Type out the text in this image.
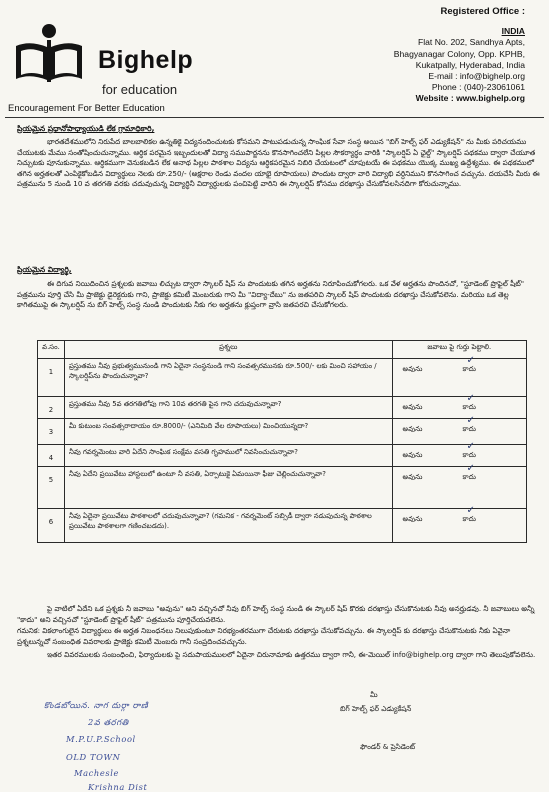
Bighelp
for education
Encouragement For Better Education
Registered Office :
INDIA
Flat No. 202, Sandhya Apts,
Bhagyanagar Colony, Opp. KPHB,
Kukatpally, Hyderabad, India
E-mail : info@bighelp.org
Phone : (040)-23061061
Website : www.bighelp.org
ప్రియమైన ప్రధానోపాధ్యాయుడి లేక గ్రామాధికారి,
భారతదేశములోని నిరుపేద బాలబాలికల ఉన్నతికై విద్యనందించుటకు కోసమని పాటుపడుచున్న సాంఘిక సేవా సంస్థ అయిన "బిగ్ హెల్ప్ ఫర్ ఎడ్యుకేషన్" ను మీకు పరిచయము చేయుటకు మేము సంతోషించుచున్నాము. ఆర్థిక పరమైన ఇబ్బందులతో విద్యా సముపార్జనను కొనసాగించలేని పిల్లల సౌకర్యార్థం వారికి "స్కాలర్షిప్ ఏ ఛైల్డ్" స్కాలర్షిప్ పథకము ద్వారా చేయూత నిచ్చుటకు పూనుకున్నాము. ఆర్థికముగా వెనుకబడిన లేక అనాథ పిల్లల పాఠశాల విద్యను ఆర్థికపరమైన నిబిరి చేయటంలో చూపుటయే ఈ పథకము యొక్క ముఖ్య ఉద్దేశ్యము. ఈ పథకములో తగిన అర్హతలతో ఎంపికైకోబడిన విద్యార్థులు నెలకు రూ.250/- (అక్షరాల రెండు వందల యాభై రూపాయలు) పొందుట ద్వారా వారి విద్యాభి వర్ధినిముని కొనసాగించ వచ్చును. దయచేసి మీరు ఈ పత్రమును 5 నుండి 10 వ తరగతి వరకు చదువుచున్న విద్యార్థినీ విద్యార్థులకు పంచిపెట్టి వారిని ఈ స్కాలర్షిప్ కోసము దరఖాస్తు చేసుకోవలసినదిగా కోరుచున్నాము.
ప్రియమైన విద్యార్థి,
ఈ దిగువ నియిదించిన ప్రశ్నలకు జవాబు లిచ్చుట ద్వారా స్కాలర్ షిప్ ను పొందుటకు తగిన అర్హతను నిరూపించుకోగలరు. ఒక వేళ అర్హతను పొందినచో, "స్టూడెంట్ ప్రొఫైల్ షీట్" పత్రమును పూర్తి చేసి మీ ప్రాజెక్టు డైరెక్టరుకు గాని, ప్రాజెక్టు కమిటీ మెంబరుకు గాని మీ "విద్యా-దేబు" ను జతపరిచి స్కాలర్ షిప్ పొందుటకు దరఖాస్తు చేసుకోవలెను. మరియు ఒక తెల్ల కాగితముపై ఈ స్కాలర్షిప్ ను బిగ్ హెల్ప్ సంస్థ నుండి పొందుటకు నీకు గల అర్హతను క్లుప్తంగా వ్రాసి జతపరచి చేసుకోగలరు.
వ.సం.	ప్రశ్నలు	జవాబు పై గుర్తు పెట్టాలి.
1	ప్రస్తుతము నీవు ప్రభుత్వమునుండి గాని ఏదైనా సంస్థనుండి గాని సంవత్సరమునకు రూ.500/- లకు మించి సహాయం / స్కాలర్షిప్‌ను పొందుచున్నావా?	అవును కాదు
✓

2	ప్రస్తుతము నీవు 5వ తరగతిలోపు గాని 10వ తరగతి పైన గాని చదువుచున్నావా?	అవును కాదు
✓

3	మీ కుటుంబ సంవత్సరాదాయం రూ.8000/- (ఎనిమిది వేల రూపాయలు) మించియున్నదా?	అవును కాదు
✓

4	నీవు గవర్నమెంటు వారి ఏదేని సాంఘిక సంక్షేమ వసతి గృహములో నివసించుచున్నావా?	అవును కాదు
✓

5	నీవు ఏదేని ప్రయివేటు హాస్టలులో ఉంటూ నీ వసతి, ఏర్పాటుకై ఏమయినా ఫీజు చెల్లించుచున్నావా?	అవును కాదు
✓

6	నీవు ఏదైనా ప్రయివేటు పాఠశాలలో చదువుచున్నావా? (గమనిక - గవర్నమెంట్ సబ్సిడీ ద్వారా నడుపుచున్న పాఠశాల ప్రయివేటు పాఠశాలగా గణించబడదు).	అవును కాదు
✓
పై వాటిలో ఏదేని ఒక ప్రశ్నకు నీ జవాబు "అవును" అని వచ్చినచో నీవు బిగ్ హెల్ప్ సంస్థ నుండి ఈ స్కాలర్ షిప్ కొరకు దరఖాస్తు చేసుకొనుటకు నీవు అనర్హుడవు. నీ జవాబులు అన్నీ "కాదు" అని వచ్చినచో "స్టూడెంట్ ప్రొఫైల్ షీట్" పత్రమును పూర్తిచేయవలెను.
గమనిక: వికలాంగులైన విద్యార్థులు ఈ అర్హత నిబంధనలు నిలుపుకుంటూ నిరభ్యంతరముగా చేరుటకు దరఖాస్తు చేసుకోవచ్చును. ఈ స్కాలర్షిప్ కు దరఖాస్తు చేసుకొనుటకు నీకు ఏవైనా ప్రశ్నలున్నచో సంబంధిత వివరాలకు ప్రాజెక్టు కమిటీ మెంబరు గానీ సంప్రదించవచ్చును.
ఇతర వివరములకు సంబంధించి, ఫిర్యాదులకు పై సదుపాయములలో ఏదైనా చిరునామాకు ఉత్తరము ద్వారా గానీ, ఈ-మెయిల్ info@bighelp.org ద్వారా గాని తెలుపుకోవలెను.
మీ
బిగ్ హెల్ప్ ఫర్ ఎడ్యుకేషన్
ఫౌండర్ & ప్రెసిడెంట్
కొండబోయిన. నాగ దుర్గా రాణి
2వ తరగతి
M.P.U.P.School
OLD TOWN
Machesle
Krishna Dist
